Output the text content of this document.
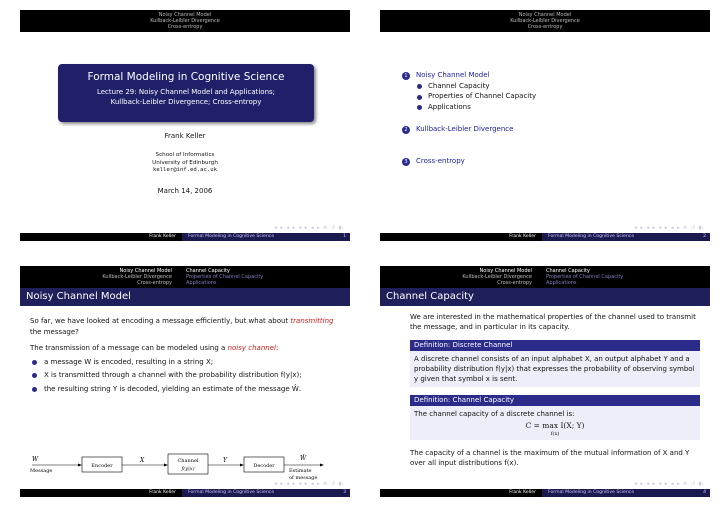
Noisy Channel Model
Kullback-Leibler Divergence
Cross-entropy
Formal Modeling in Cognitive Science
Lecture 29: Noisy Channel Model and Applications;
Kullback-Leibler Divergence; Cross-entropy
Frank Keller
School of Informatics
University of Edinburgh
keller@inf.ed.ac.uk
March 14, 2006
◂ ▸ ◂ ▸ ◂ ▸ ◂ ▸ ≡ ↺ ◐
Frank Keller	Formal Modeling in Cognitive Science	1
Noisy Channel Model
Kullback-Leibler Divergence
Cross-entropy
1	Noisy Channel Model
Channel Capacity
Properties of Channel Capacity
Applications
2	Kullback-Leibler Divergence
3	Cross-entropy
◂ ▸ ◂ ▸ ◂ ▸ ◂ ▸ ≡ ↺ ◐
Frank Keller	Formal Modeling in Cognitive Science	2
Noisy Channel Model
Kullback-Leibler Divergence
Cross-entropy
Channel Capacity
Properties of Channel Capacity
Applications
Noisy Channel Model
So far, we have looked at encoding a message efficiently, but what about transmitting the message?
The transmission of a message can be modeled using a noisy channel:
a message W is encoded, resulting in a string X;
X is transmitted through a channel with the probability distribution f(y|x);
the resulting string Y is decoded, yielding an estimate of the message Ŵ.
W
Message
Encoder
X	Channel
f(y|x)
Y
Decoder
Ŵ
Estimate
of message
◂ ▸ ◂ ▸ ◂ ▸ ◂ ▸ ≡ ↺ ◐
Frank Keller	Formal Modeling in Cognitive Science	3
Noisy Channel Model
Kullback-Leibler Divergence
Cross-entropy
Channel Capacity
Properties of Channel Capacity
Applications
Channel Capacity
We are interested in the mathematical properties of the channel used to transmit the message, and in particular in its capacity.
Definition: Discrete Channel
A discrete channel consists of an input alphabet X, an output alphabet Y and a probability distribution f(y|x) that expresses the probability of observing symbol y given that symbol x is sent.
Definition: Channel Capacity
The channel capacity of a discrete channel is:
C = max I(X; Y)
f(x)
The capacity of a channel is the maximum of the mutual information of X and Y over all input distributions f(x).
◂ ▸ ◂ ▸ ◂ ▸ ◂ ▸ ≡ ↺ ◐
Frank Keller	Formal Modeling in Cognitive Science	4
